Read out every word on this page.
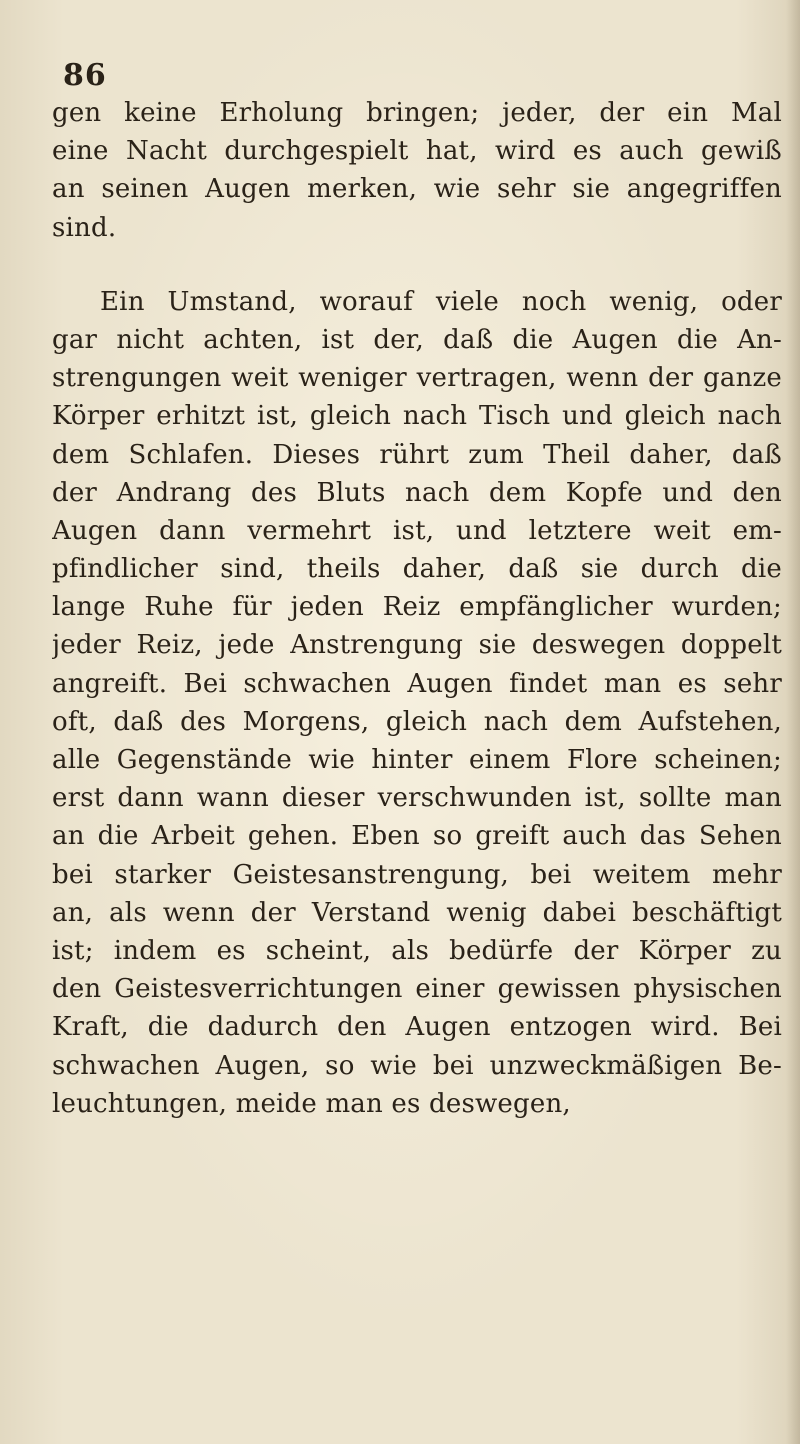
86
gen keine Erholung bringen; jeder, der ein Mal
eine Nacht durchgespielt hat, wird es auch gewiß
an seinen Augen merken, wie sehr sie angegriffen
sind.
Ein Umstand, worauf viele noch wenig, oder
gar nicht achten, ist der, daß die Augen die An-
strengungen weit weniger vertragen, wenn der ganze
Körper erhitzt ist, gleich nach Tisch und gleich nach
dem Schlafen. Dieses rührt zum Theil daher, daß
der Andrang des Bluts nach dem Kopfe und den
Augen dann vermehrt ist, und letztere weit em-
pfindlicher sind, theils daher, daß sie durch die
lange Ruhe für jeden Reiz empfänglicher wurden;
jeder Reiz, jede Anstrengung sie deswegen doppelt
angreift. Bei schwachen Augen findet man es sehr
oft, daß des Morgens, gleich nach dem Aufstehen,
alle Gegenstände wie hinter einem Flore scheinen;
erst dann wann dieser verschwunden ist, sollte man
an die Arbeit gehen. Eben so greift auch das Sehen
bei starker Geistesanstrengung, bei weitem mehr
an, als wenn der Verstand wenig dabei beschäftigt
ist; indem es scheint, als bedürfe der Körper zu
den Geistesverrichtungen einer gewissen physischen
Kraft, die dadurch den Augen entzogen wird. Bei
schwachen Augen, so wie bei unzweckmäßigen Be-
leuchtungen, meide man es deswegen,
